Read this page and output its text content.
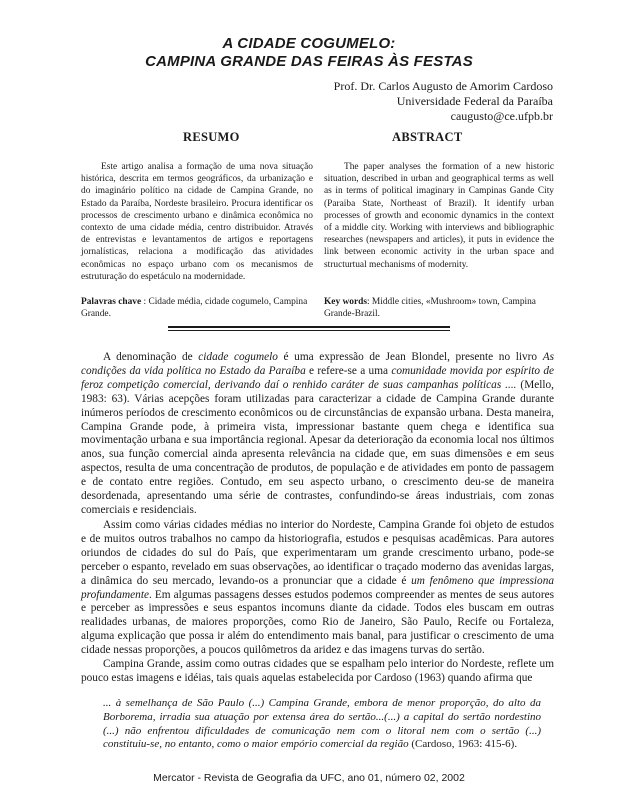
A CIDADE COGUMELO:
CAMPINA GRANDE DAS FEIRAS ÀS FESTAS
Prof. Dr. Carlos Augusto de Amorim Cardoso
Universidade Federal da Paraíba
caugusto@ce.ufpb.br
RESUMO	ABSTRACT
Este artigo analisa a formação de uma nova situação histórica, descrita em termos geográficos, da urbanização e do imaginário político na cidade de Campina Grande, no Estado da Paraíba, Nordeste brasileiro. Procura identificar os processos de crescimento urbano e dinâmica econômica no contexto de uma cidade média, centro distribuidor. Através de entrevistas e levantamentos de artigos e reportagens jornalísticas, relaciona a modificação das atividades econômicas no espaço urbano com os mecanismos de estruturação do espetáculo na modernidade.
The paper analyses the formation of a new historic situation, described in urban and geographical terms as well as in terms of political imaginary in Campinas Gande City (Paraiba State, Northeast of Brazil). It identify urban processes of growth and economic dynamics in the context of a middle city. Working with interviews and bibliographic researches (newspapers and articles), it puts in evidence the link between economic activity in the urban space and structurtual mechanisms of modernity.
Palavras chave : Cidade média, cidade cogumelo, Campina Grande.
Key words: Middle cities, «Mushroom» town, Campina Grande-Brazil.
A denominação de cidade cogumelo é uma expressão de Jean Blondel, presente no livro As condições da vida política no Estado da Paraíba e refere-se a uma comunidade movida por espírito de feroz competição comercial, derivando daí o renhido caráter de suas campanhas políticas .... (Mello, 1983: 63). Várias acepções foram utilizadas para caracterizar a cidade de Campina Grande durante inúmeros períodos de crescimento econômicos ou de circunstâncias de expansão urbana. Desta maneira, Campina Grande pode, à primeira vista, impressionar bastante quem chega e identifica sua movimentação urbana e sua importância regional. Apesar da deterioração da economia local nos últimos anos, sua função comercial ainda apresenta relevância na cidade que, em suas dimensões e em seus aspectos, resulta de uma concentração de produtos, de população e de atividades em ponto de passagem e de contato entre regiões. Contudo, em seu aspecto urbano, o crescimento deu-se de maneira desordenada, apresentando uma série de contrastes, confundindo-se áreas industriais, com zonas comerciais e residenciais.
Assim como várias cidades médias no interior do Nordeste, Campina Grande foi objeto de estudos e de muitos outros trabalhos no campo da historiografia, estudos e pesquisas acadêmicas. Para autores oriundos de cidades do sul do País, que experimentaram um grande crescimento urbano, pode-se perceber o espanto, revelado em suas observações, ao identificar o traçado moderno das avenidas largas, a dinâmica do seu mercado, levando-os a pronunciar que a cidade é um fenômeno que impressiona profundamente. Em algumas passagens desses estudos podemos compreender as mentes de seus autores e perceber as impressões e seus espantos incomuns diante da cidade. Todos eles buscam em outras realidades urbanas, de maiores proporções, como Rio de Janeiro, São Paulo, Recife ou Fortaleza, alguma explicação que possa ir além do entendimento mais banal, para justificar o crescimento de uma cidade nessas proporções, a poucos quilômetros da aridez e das imagens turvas do sertão.
Campina Grande, assim como outras cidades que se espalham pelo interior do Nordeste, reflete um pouco estas imagens e idéias, tais quais aquelas estabelecida por Cardoso (1963) quando afirma que
... à semelhança de São Paulo (...) Campina Grande, embora de menor proporção, do alto da Borborema, irradia sua atuação por extensa área do sertão...(...) a capital do sertão nordestino (...) não enfrentou dificuldades de comunicação nem com o litoral nem com o sertão (...) constituiu-se, no entanto, como o maior empório comercial da região (Cardoso, 1963: 415-6).
Mercator - Revista de Geografia da UFC, ano 01, número 02, 2002
